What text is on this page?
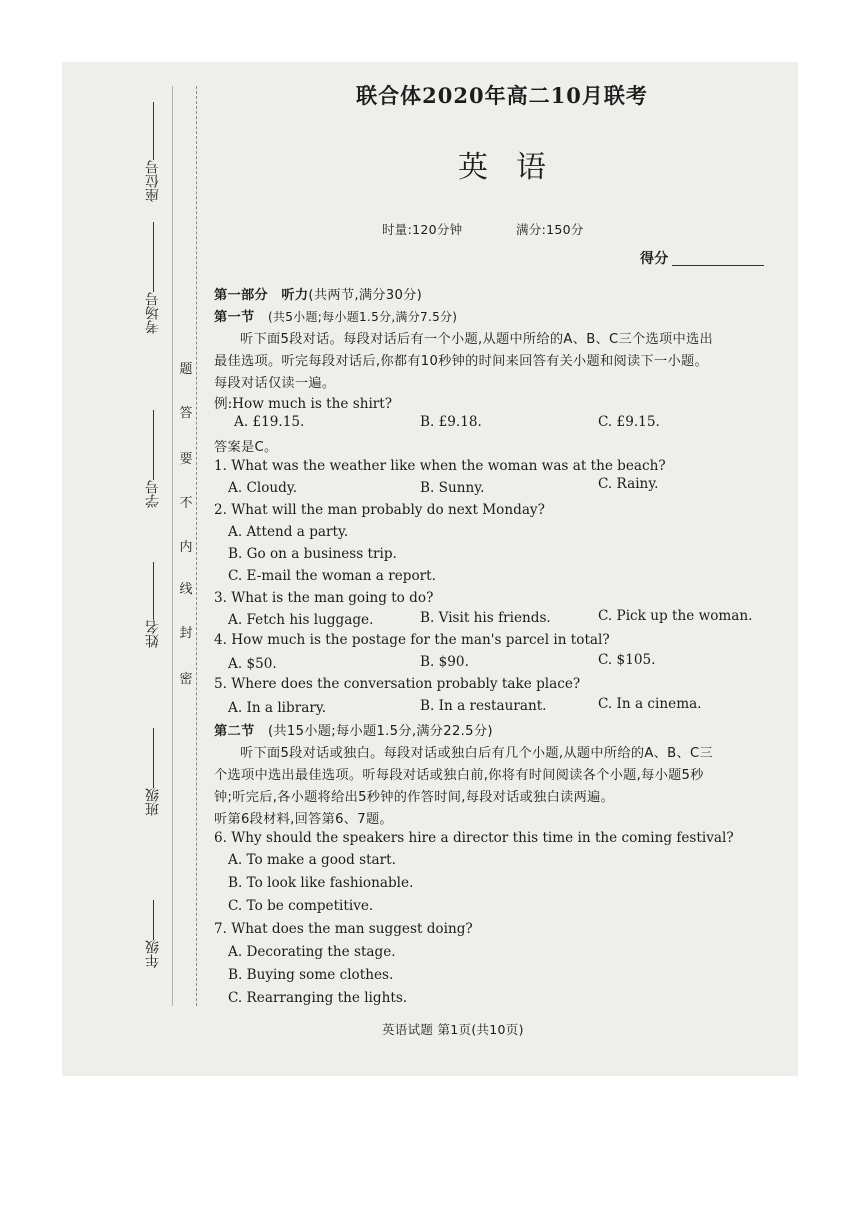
座位号
考场号
学号
姓名
班级
年级
密
封
线
内
不
要
答
题
联合体2020年高二10月联考
英语
时量:120分钟	满分:150分
得分
第一部分　听力(共两节,满分30分)
第一节　 (共5小题;每小题1.5分,满分7.5分)
听下面5段对话。每段对话后有一个小题,从题中所给的A、B、C三个选项中选出
最佳选项。听完每段对话后,你都有10秒钟的时间来回答有关小题和阅读下一小题。
每段对话仅读一遍。
例:How much is the shirt?
A. £19.15.	B. £9.18.	C. £9.15.
答案是C。
1. What was the weather like when the woman was at the beach?
A. Cloudy.	B. Sunny.	C. Rainy.
2. What will the man probably do next Monday?
A. Attend a party.
B. Go on a business trip.
C. E-mail the woman a report.
3. What is the man going to do?
A. Fetch his luggage.	B. Visit his friends.	C. Pick up the woman.
4. How much is the postage for the man's parcel in total?
A. $50.	B. $90.	C. $105.
5. Where does the conversation probably take place?
A. In a library.	B. In a restaurant.	C. In a cinema.
第二节　 (共15小题;每小题1.5分,满分22.5分)
听下面5段对话或独白。每段对话或独白后有几个小题,从题中所给的A、B、C三
个选项中选出最佳选项。听每段对话或独白前,你将有时间阅读各个小题,每小题5秒
钟;听完后,各小题将给出5秒钟的作答时间,每段对话或独白读两遍。
听第6段材料,回答第6、7题。
6. Why should the speakers hire a director this time in the coming festival?
A. To make a good start.
B. To look like fashionable.
C. To be competitive.
7. What does the man suggest doing?
A. Decorating the stage.
B. Buying some clothes.
C. Rearranging the lights.
英语试题 第1页(共10页)
